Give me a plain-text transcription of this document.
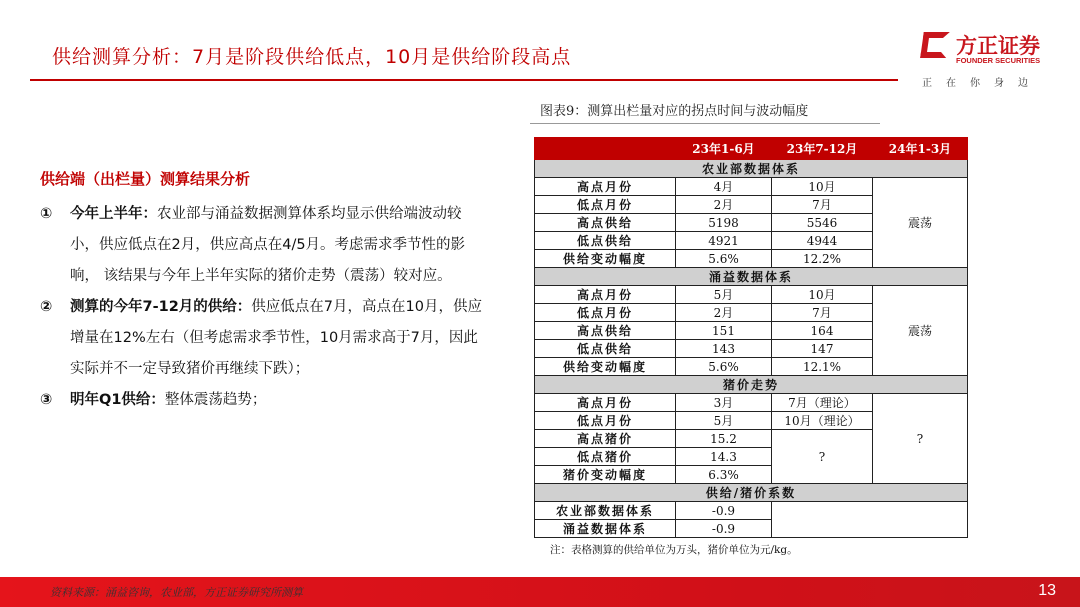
供给测算分析：7月是阶段供给低点，10月是供给阶段高点	方正证券
FOUNDER SECURITIES
正在你身边
供给端（出栏量）测算结果分析
①	今年上半年：农业部与涌益数据测算体系均显示供给端波动较小，供应低点在2月，供应高点在4/5月。考虑需求季节性的影响， 该结果与今年上半年实际的猪价走势（震荡）较对应。
②	测算的今年7-12月的供给：供应低点在7月，高点在10月，供应增量在12%左右（但考虑需求季节性，10月需求高于7月，因此实际并不一定导致猪价再继续下跌）；
③	明年Q1供给：整体震荡趋势；
图表9：测算出栏量对应的拐点时间与波动幅度
	23年1-6月	23年7-12月	24年1-3月
农业部数据体系			
高点月份	4月	10月	震荡
低点月份	2月	7月	
高点供给	5198	5546	
低点供给	4921	4944	
供给变动幅度	5.6%	12.2%	
涌益数据体系			
高点月份	5月	10月	震荡
低点月份	2月	7月	
高点供给	151	164	
低点供给	143	147	
供给变动幅度	5.6%	12.1%	
猪价走势			
高点月份	3月	7月（理论）	?
低点月份	5月	10月（理论）	
高点猪价	15.2	?	
低点猪价	14.3		
猪价变动幅度	6.3%		
供给/猪价系数			
农业部数据体系	-0.9		
涌益数据体系	-0.9		
注：表格测算的供给单位为万头，猪价单位为元/kg。
资料来源：涌益咨询，农业部，方正证券研究所测算	13
